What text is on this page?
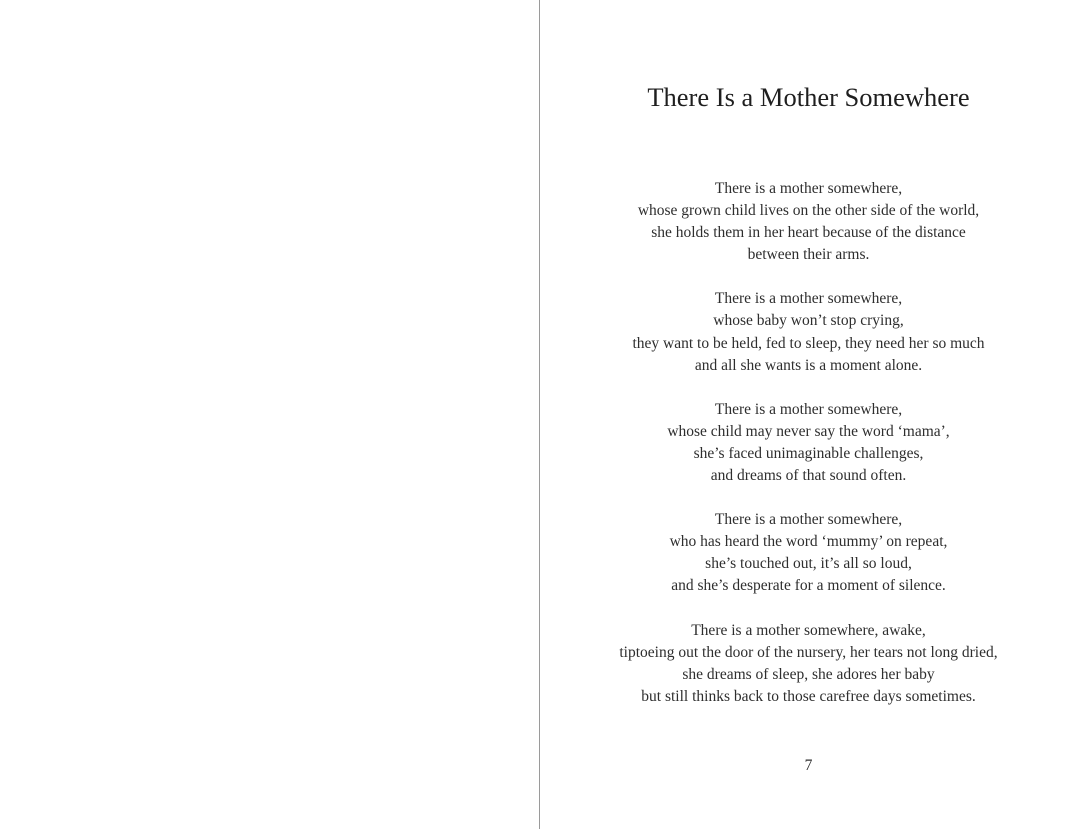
There Is a Mother Somewhere
There is a mother somewhere,
whose grown child lives on the other side of the world,
she holds them in her heart because of the distance
between their arms.
There is a mother somewhere,
whose baby won’t stop crying,
they want to be held, fed to sleep, they need her so much
and all she wants is a moment alone.
There is a mother somewhere,
whose child may never say the word ‘mama’,
she’s faced unimaginable challenges,
and dreams of that sound often.
There is a mother somewhere,
who has heard the word ‘mummy’ on repeat,
she’s touched out, it’s all so loud,
and she’s desperate for a moment of silence.
There is a mother somewhere, awake,
tiptoeing out the door of the nursery, her tears not long dried,
she dreams of sleep, she adores her baby
but still thinks back to those carefree days sometimes.
7
